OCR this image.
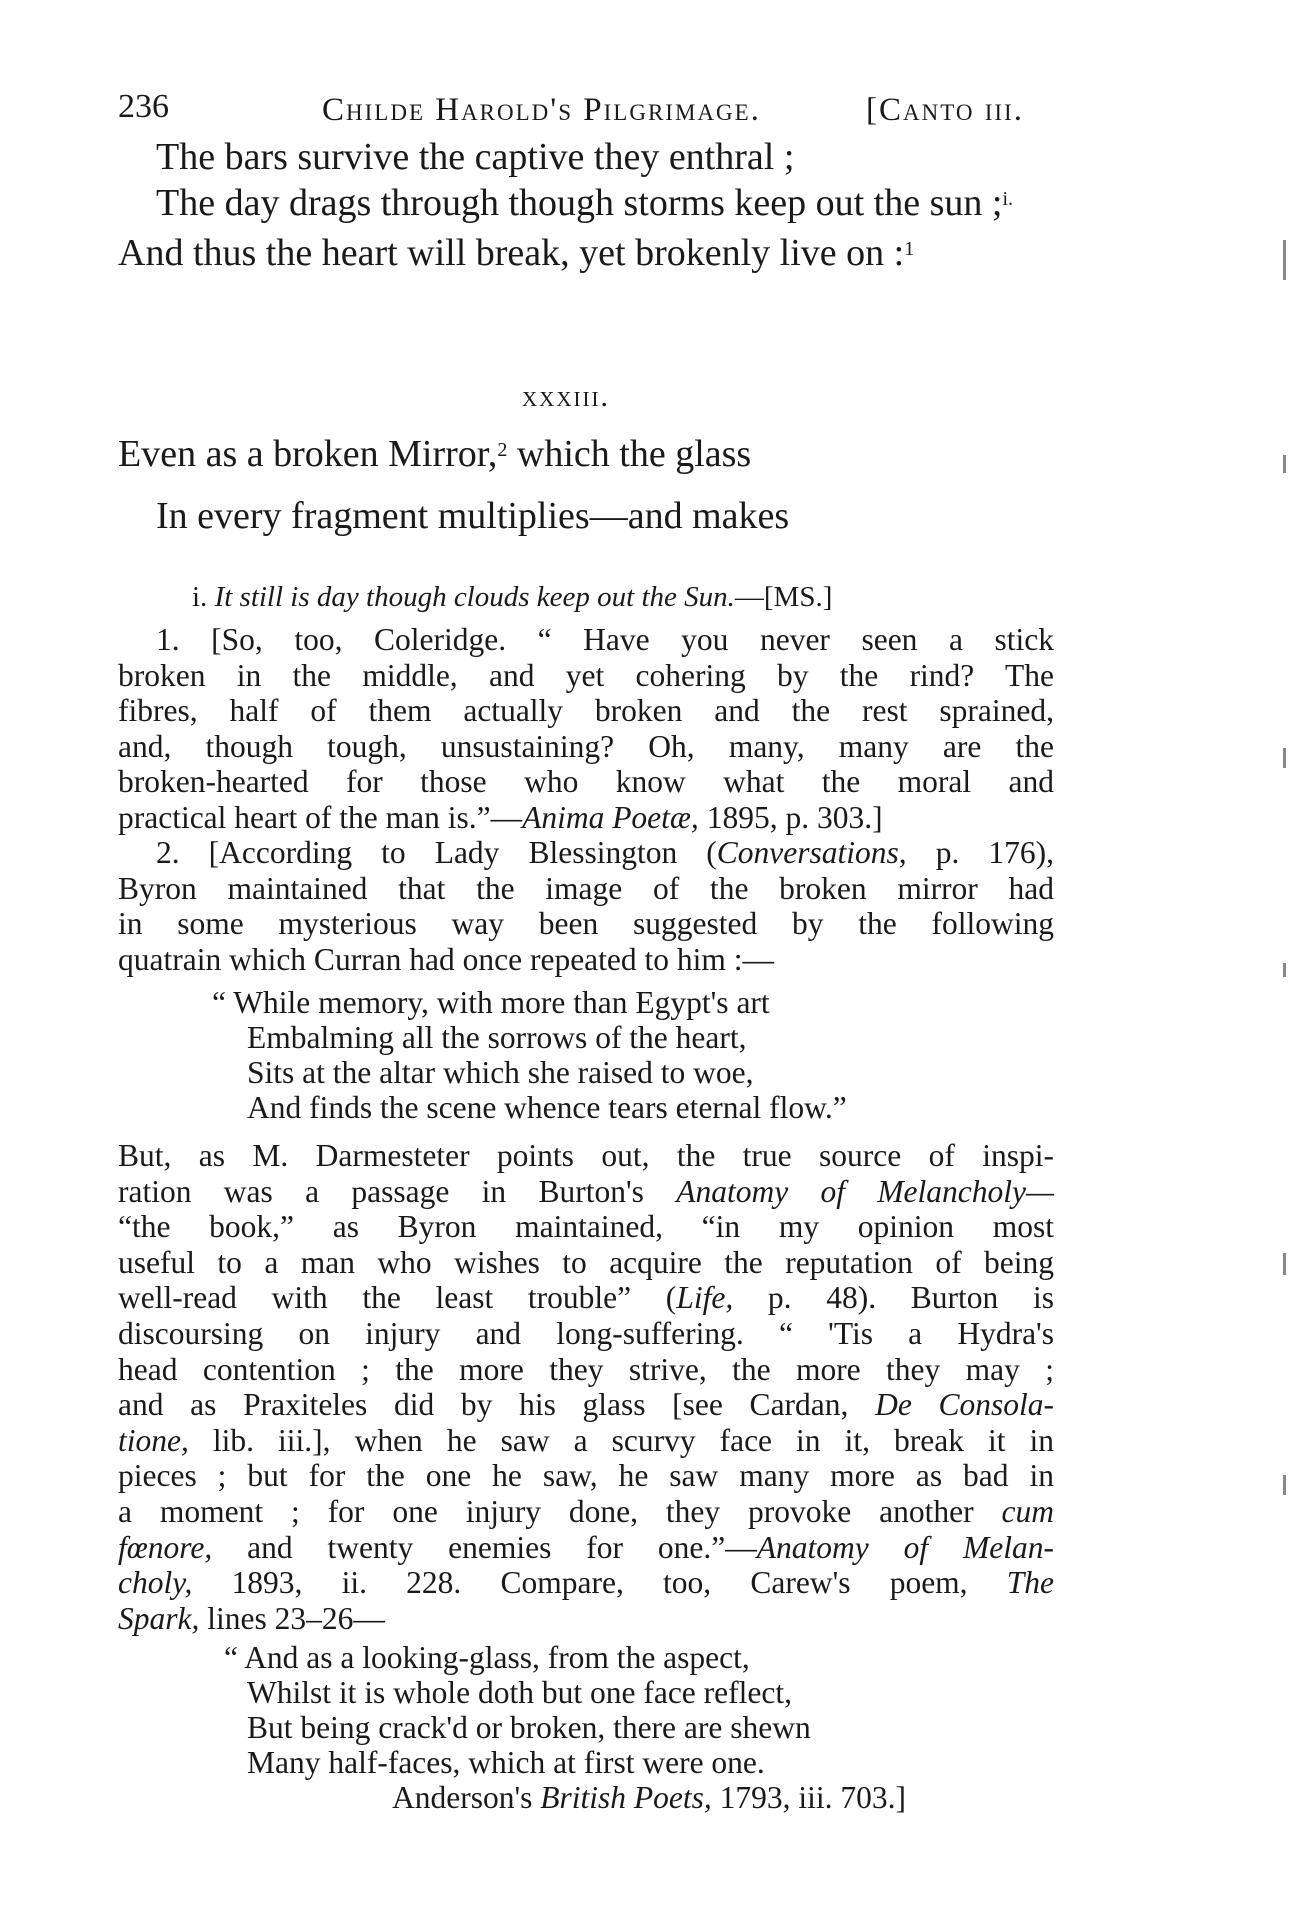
236	Childe Harold's Pilgrimage.	[Canto iii.
The bars survive the captive they enthral ;
The day drags through though storms keep out the sun ;$^{i.}$
And thus the heart will break, yet brokenly live on :$^1$
xxxiii.
Even as a broken Mirror,$^2$ which the glass
In every fragment multiplies—and makes
i. It still is day though clouds keep out the Sun.—[MS.]
1. [So, too, Coleridge. “ Have you never seen a stick
broken in the middle, and yet cohering by the rind? The
fibres, half of them actually broken and the rest sprained,
and, though tough, unsustaining? Oh, many, many are the
broken-hearted for those who know what the moral and
practical heart of the man is.”—Anima Poetæ, 1895, p. 303.]
2. [According to Lady Blessington (Conversations, p. 176),
Byron maintained that the image of the broken mirror had
in some mysterious way been suggested by the following
quatrain which Curran had once repeated to him :—
“ While memory, with more than Egypt's art
Embalming all the sorrows of the heart,
Sits at the altar which she raised to woe,
And finds the scene whence tears eternal flow.”
But, as M. Darmesteter points out, the true source of inspi-
ration was a passage in Burton's Anatomy of Melancholy—
“the book,” as Byron maintained, “in my opinion most
useful to a man who wishes to acquire the reputation of being
well-read with the least trouble” (Life, p. 48). Burton is
discoursing on injury and long-suffering. “ 'Tis a Hydra's
head contention ; the more they strive, the more they may ;
and as Praxiteles did by his glass [see Cardan, De Consola-
tione, lib. iii.], when he saw a scurvy face in it, break it in
pieces ; but for the one he saw, he saw many more as bad in
a moment ; for one injury done, they provoke another cum
fœnore, and twenty enemies for one.”—Anatomy of Melan-
choly, 1893, ii. 228. Compare, too, Carew's poem, The
Spark, lines 23–26—
“ And as a looking-glass, from the aspect,
Whilst it is whole doth but one face reflect,
But being crack'd or broken, there are shewn
Many half-faces, which at first were one.
Anderson's British Poets, 1793, iii. 703.]
